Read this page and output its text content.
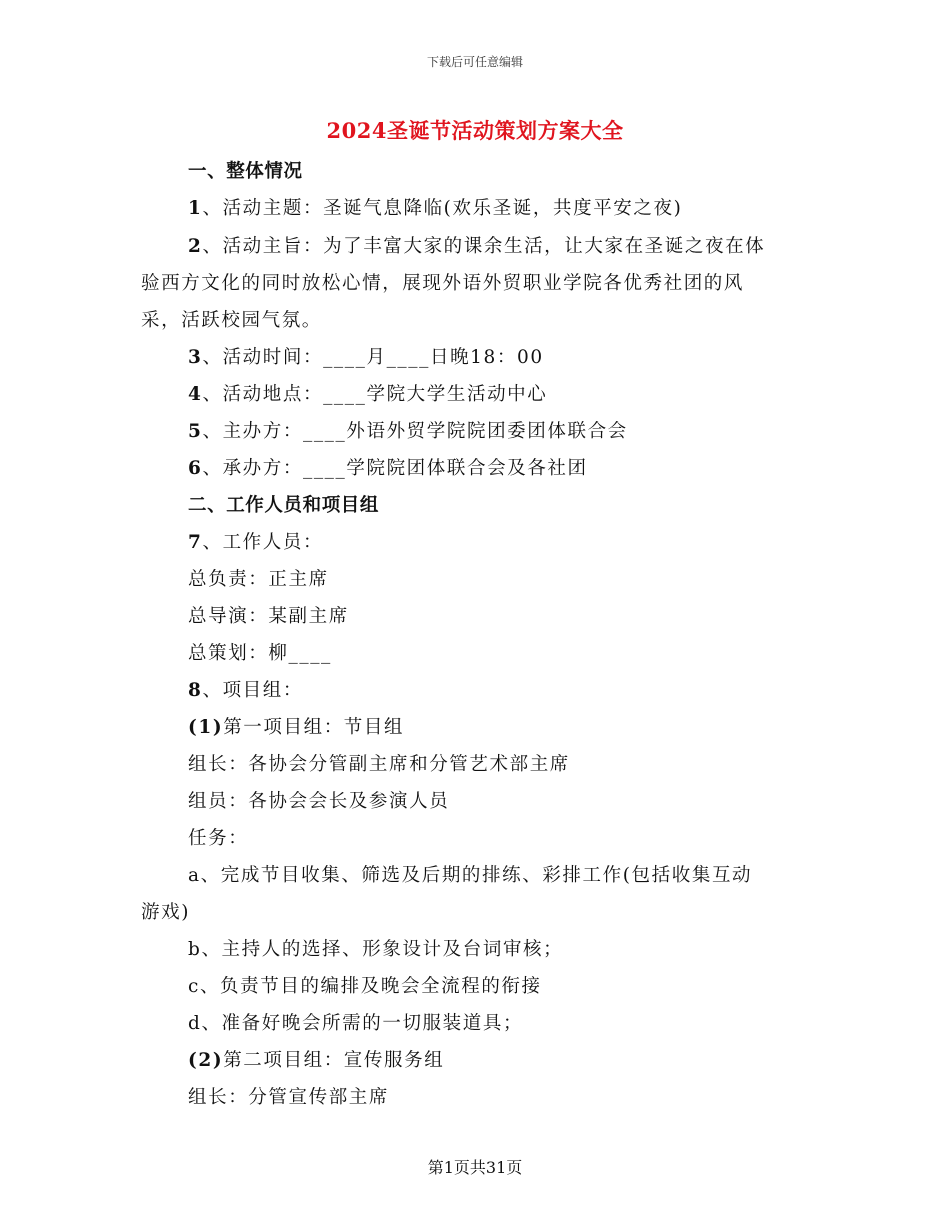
下载后可任意编辑
2024圣诞节活动策划方案大全
一、整体情况
1、活动主题：圣诞气息降临(欢乐圣诞，共度平安之夜)
2、活动主旨：为了丰富大家的课余生活，让大家在圣诞之夜在体
验西方文化的同时放松心情，展现外语外贸职业学院各优秀社团的风
采，活跃校园气氛。
3、活动时间：____月____日晚18：00
4、活动地点：____学院大学生活动中心
5、主办方：____外语外贸学院院团委团体联合会
6、承办方：____学院院团体联合会及各社团
二、工作人员和项目组
7、工作人员：
总负责：正主席
总导演：某副主席
总策划：柳____
8、项目组：
(1)第一项目组：节目组
组长：各协会分管副主席和分管艺术部主席
组员：各协会会长及参演人员
任务：
a、完成节目收集、筛选及后期的排练、彩排工作(包括收集互动
游戏)
b、主持人的选择、形象设计及台词审核；
c、负责节目的编排及晚会全流程的衔接
d、准备好晚会所需的一切服装道具；
(2)第二项目组：宣传服务组
组长：分管宣传部主席
第1页共31页
